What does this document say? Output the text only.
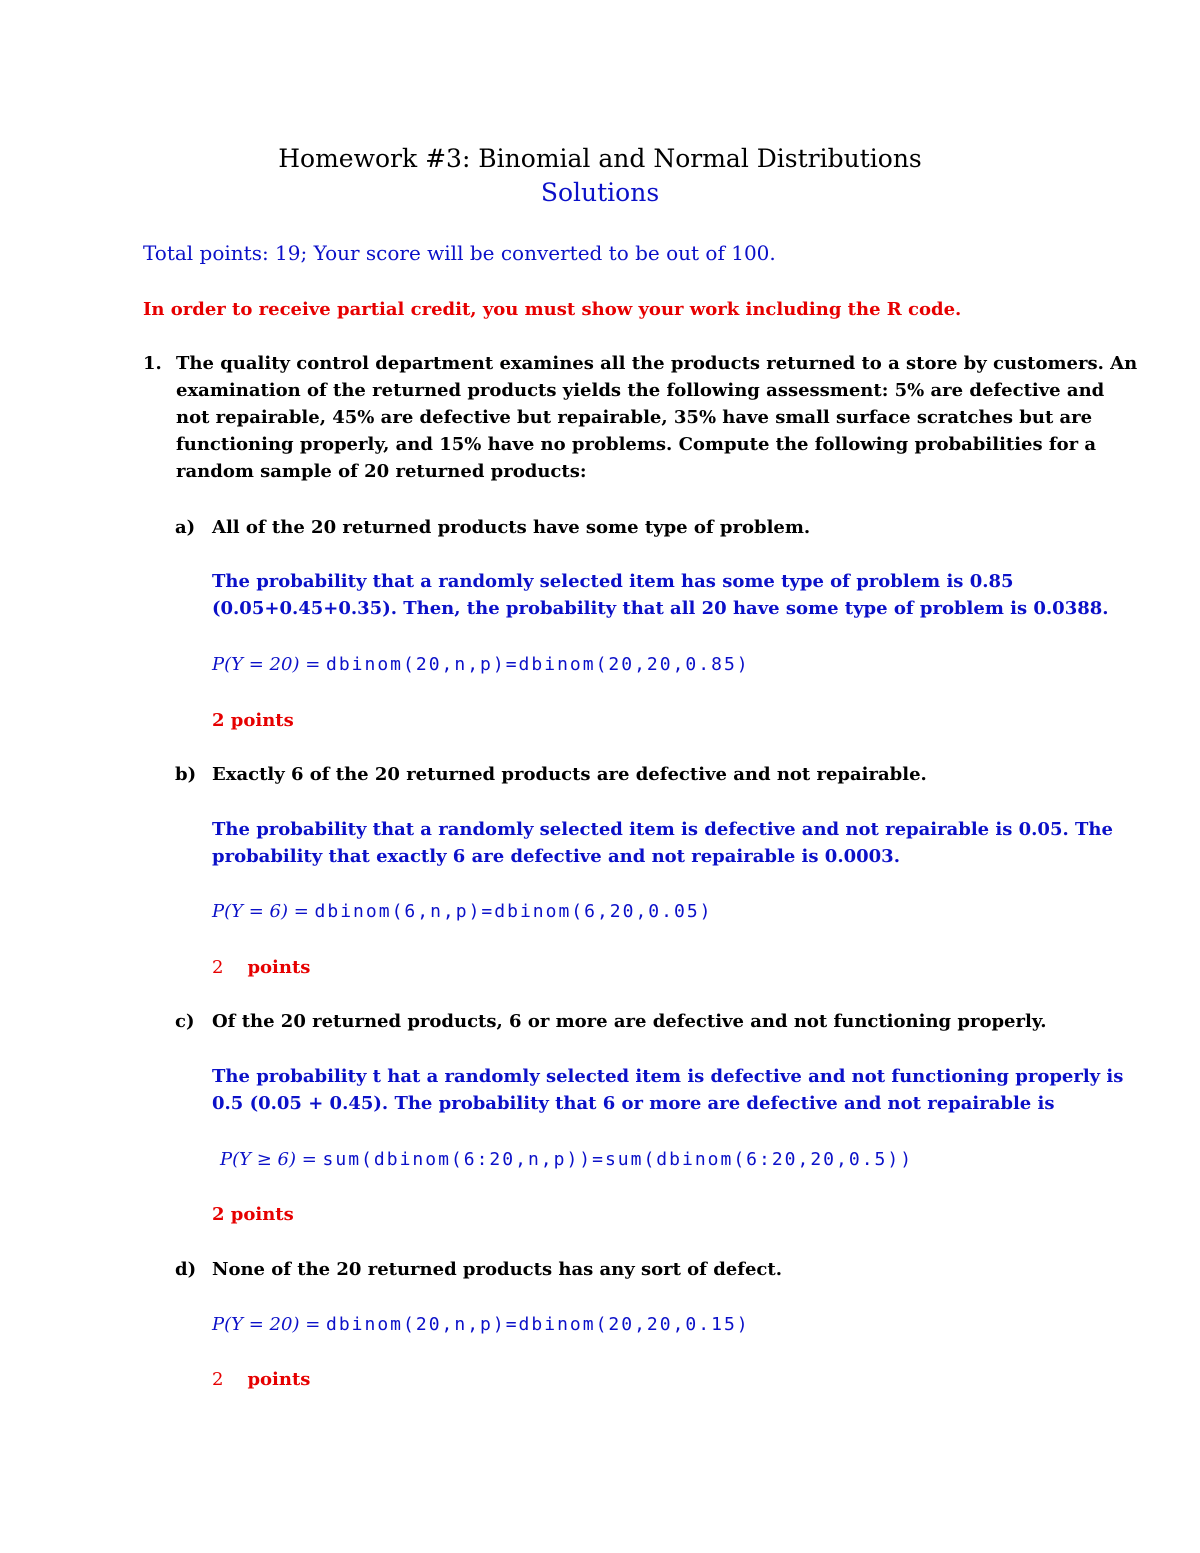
Homework #3: Binomial and Normal Distributions
Solutions
Total points: 19; Your score will be converted to be out of 100.
In order to receive partial credit, you must show your work including the R code.
1. The quality control department examines all the products returned to a store by customers. An
examination of the returned products yields the following assessment: 5% are defective and
not repairable, 45% are defective but repairable, 35% have small surface scratches but are
functioning properly, and 15% have no problems. Compute the following probabilities for a
random sample of 20 returned products:
a) All of the 20 returned products have some type of problem.
The probability that a randomly selected item has some type of problem is 0.85
(0.05+0.45+0.35). Then, the probability that all 20 have some type of problem is 0.0388.
P(Y = 20) = dbinom(20,n,p)=dbinom(20,20,0.85)
2 points
b) Exactly 6 of the 20 returned products are defective and not repairable.
The probability that a randomly selected item is defective and not repairable is 0.05. The
probability that exactly 6 are defective and not repairable is 0.0003.
P(Y = 6) = dbinom(6,n,p)=dbinom(6,20,0.05)
2 points
c) Of the 20 returned products, 6 or more are defective and not functioning properly.
The probability t hat a randomly selected item is defective and not functioning properly is
0.5 (0.05 + 0.45). The probability that 6 or more are defective and not repairable is
P(Y ≥ 6) = sum(dbinom(6:20,n,p))=sum(dbinom(6:20,20,0.5))
2 points
d) None of the 20 returned products has any sort of defect.
P(Y = 20) = dbinom(20,n,p)=dbinom(20,20,0.15)
2 points
